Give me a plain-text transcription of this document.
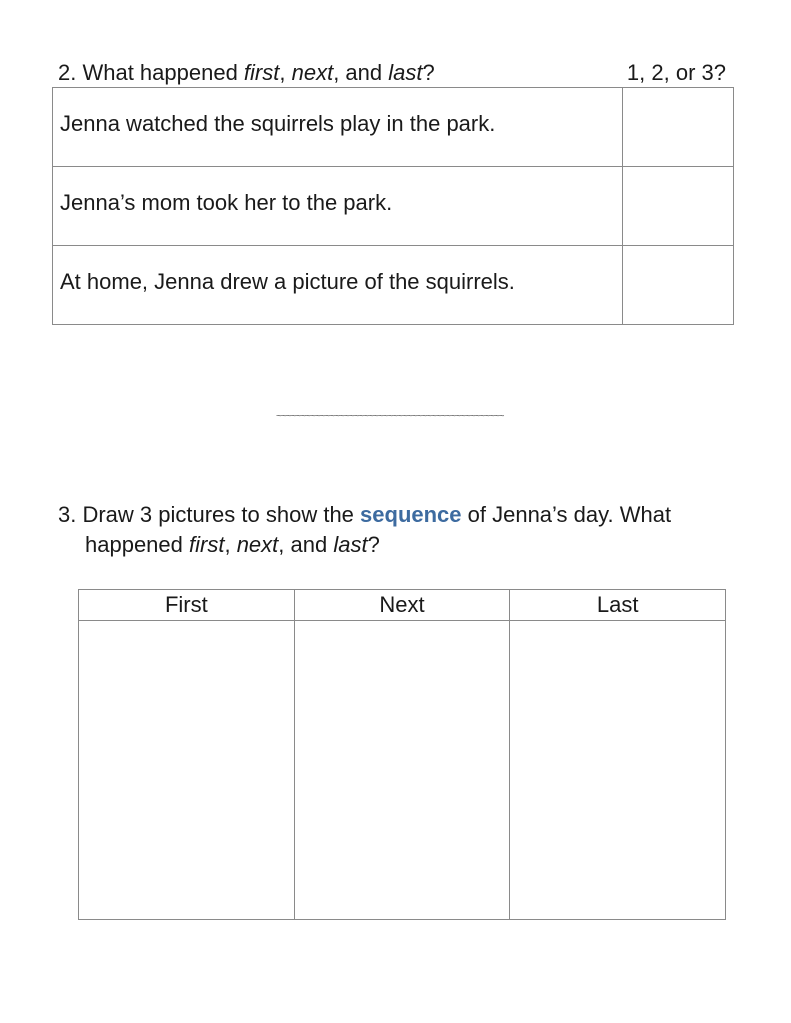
2. What happened first, next, and last?	1, 2, or 3?
Jenna watched the squirrels play in the park.	
Jenna’s mom took her to the park.	
At home, Jenna drew a picture of the squirrels.	
~~~~~~~~~~~~~~~~~~~~~~~~~~~~~~~~~~~~~~~~~~~~~~~
3. Draw 3 pictures to show the sequence of Jenna’s day. What
happened first, next, and last?
First	Next	Last
